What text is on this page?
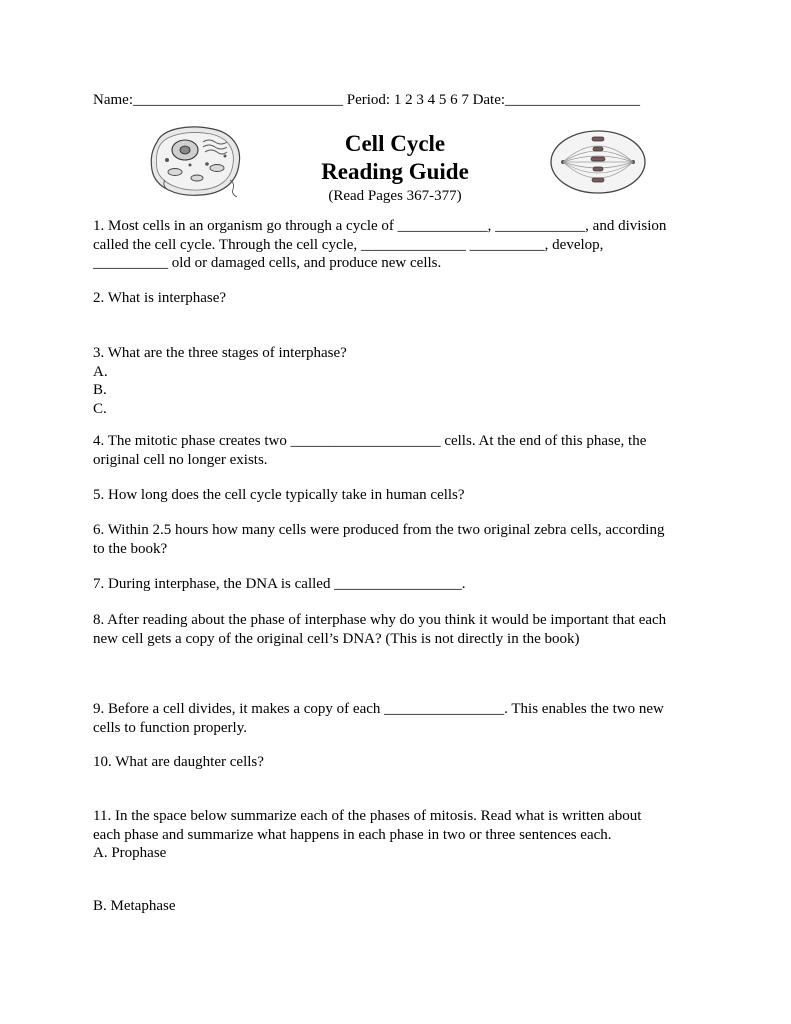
Name:____________________________ Period: 1 2 3 4 5 6 7 Date:__________________
Cell Cycle
Reading Guide
(Read Pages 367-377)
1. Most cells in an organism go through a cycle of ____________, ____________, and division
called the cell cycle. Through the cell cycle, ______________ __________, develop,
__________ old or damaged cells, and produce new cells.
2. What is interphase?
3. What are the three stages of interphase?
A.
B.
C.
4. The mitotic phase creates two ____________________ cells. At the end of this phase, the
original cell no longer exists.
5. How long does the cell cycle typically take in human cells?
6. Within 2.5 hours how many cells were produced from the two original zebra cells, according
to the book?
7. During interphase, the DNA is called _________________.
8. After reading about the phase of interphase why do you think it would be important that each
new cell gets a copy of the original cell’s DNA? (This is not directly in the book)
9. Before a cell divides, it makes a copy of each ________________. This enables the two new
cells to function properly.
10. What are daughter cells?
11. In the space below summarize each of the phases of mitosis. Read what is written about
each phase and summarize what happens in each phase in two or three sentences each.
A. Prophase
B. Metaphase
